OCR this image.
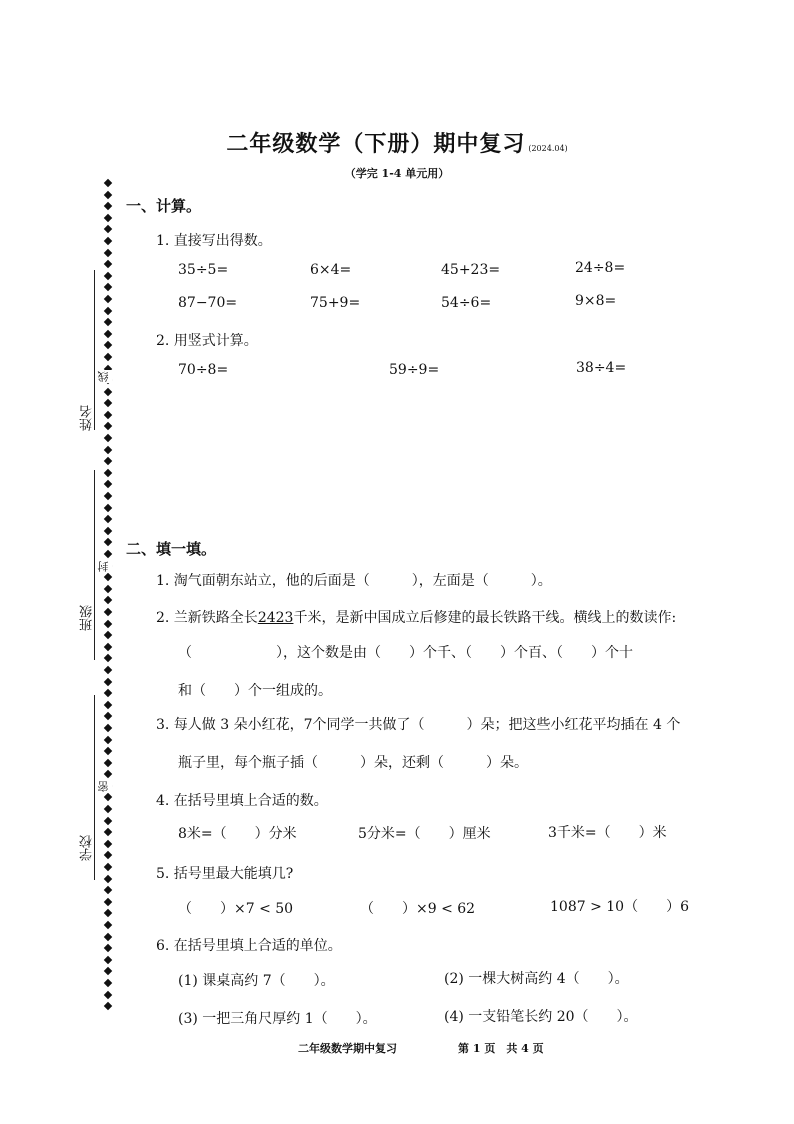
二年级数学（下册）期中复习 (2024.04)
（学完 1-4 单元用）
线
封
密
姓名
班级
学校
一、计算。
1. 直接写出得数。
35÷5=	6×4=	45+23=	24÷8=
87−70=	75+9=	54÷6=	9×8=
2. 用竖式计算。
70÷8=	59÷9=	38÷4=
二、填一填。
1. 淘气面朝东站立，他的后面是（　　　），左面是（　　　）。
2. 兰新铁路全长2423千米，是新中国成立后修建的最长铁路干线。横线上的数读作:
（　　　　　　），这个数是由（　　）个千、（　　）个百、（　　）个十
和（　　）个一组成的。
3. 每人做 3 朵小红花，7个同学一共做了（　　　）朵；把这些小红花平均插在 4 个
瓶子里，每个瓶子插（　　　）朵，还剩（　　　）朵。
4. 在括号里填上合适的数。
8米=（　　）分米	5分米=（　　）厘米	3千米=（　　）米
5. 括号里最大能填几?
（　　）×7 < 50	（　　）×9 < 62	1087 > 10（　　）6
6. 在括号里填上合适的单位。
(1) 课桌高约 7（　　）。	(2) 一棵大树高约 4（　　）。
(3) 一把三角尺厚约 1（　　）。	(4) 一支铅笔长约 20（　　）。
二年级数学期中复习	第 1 页　共 4 页
